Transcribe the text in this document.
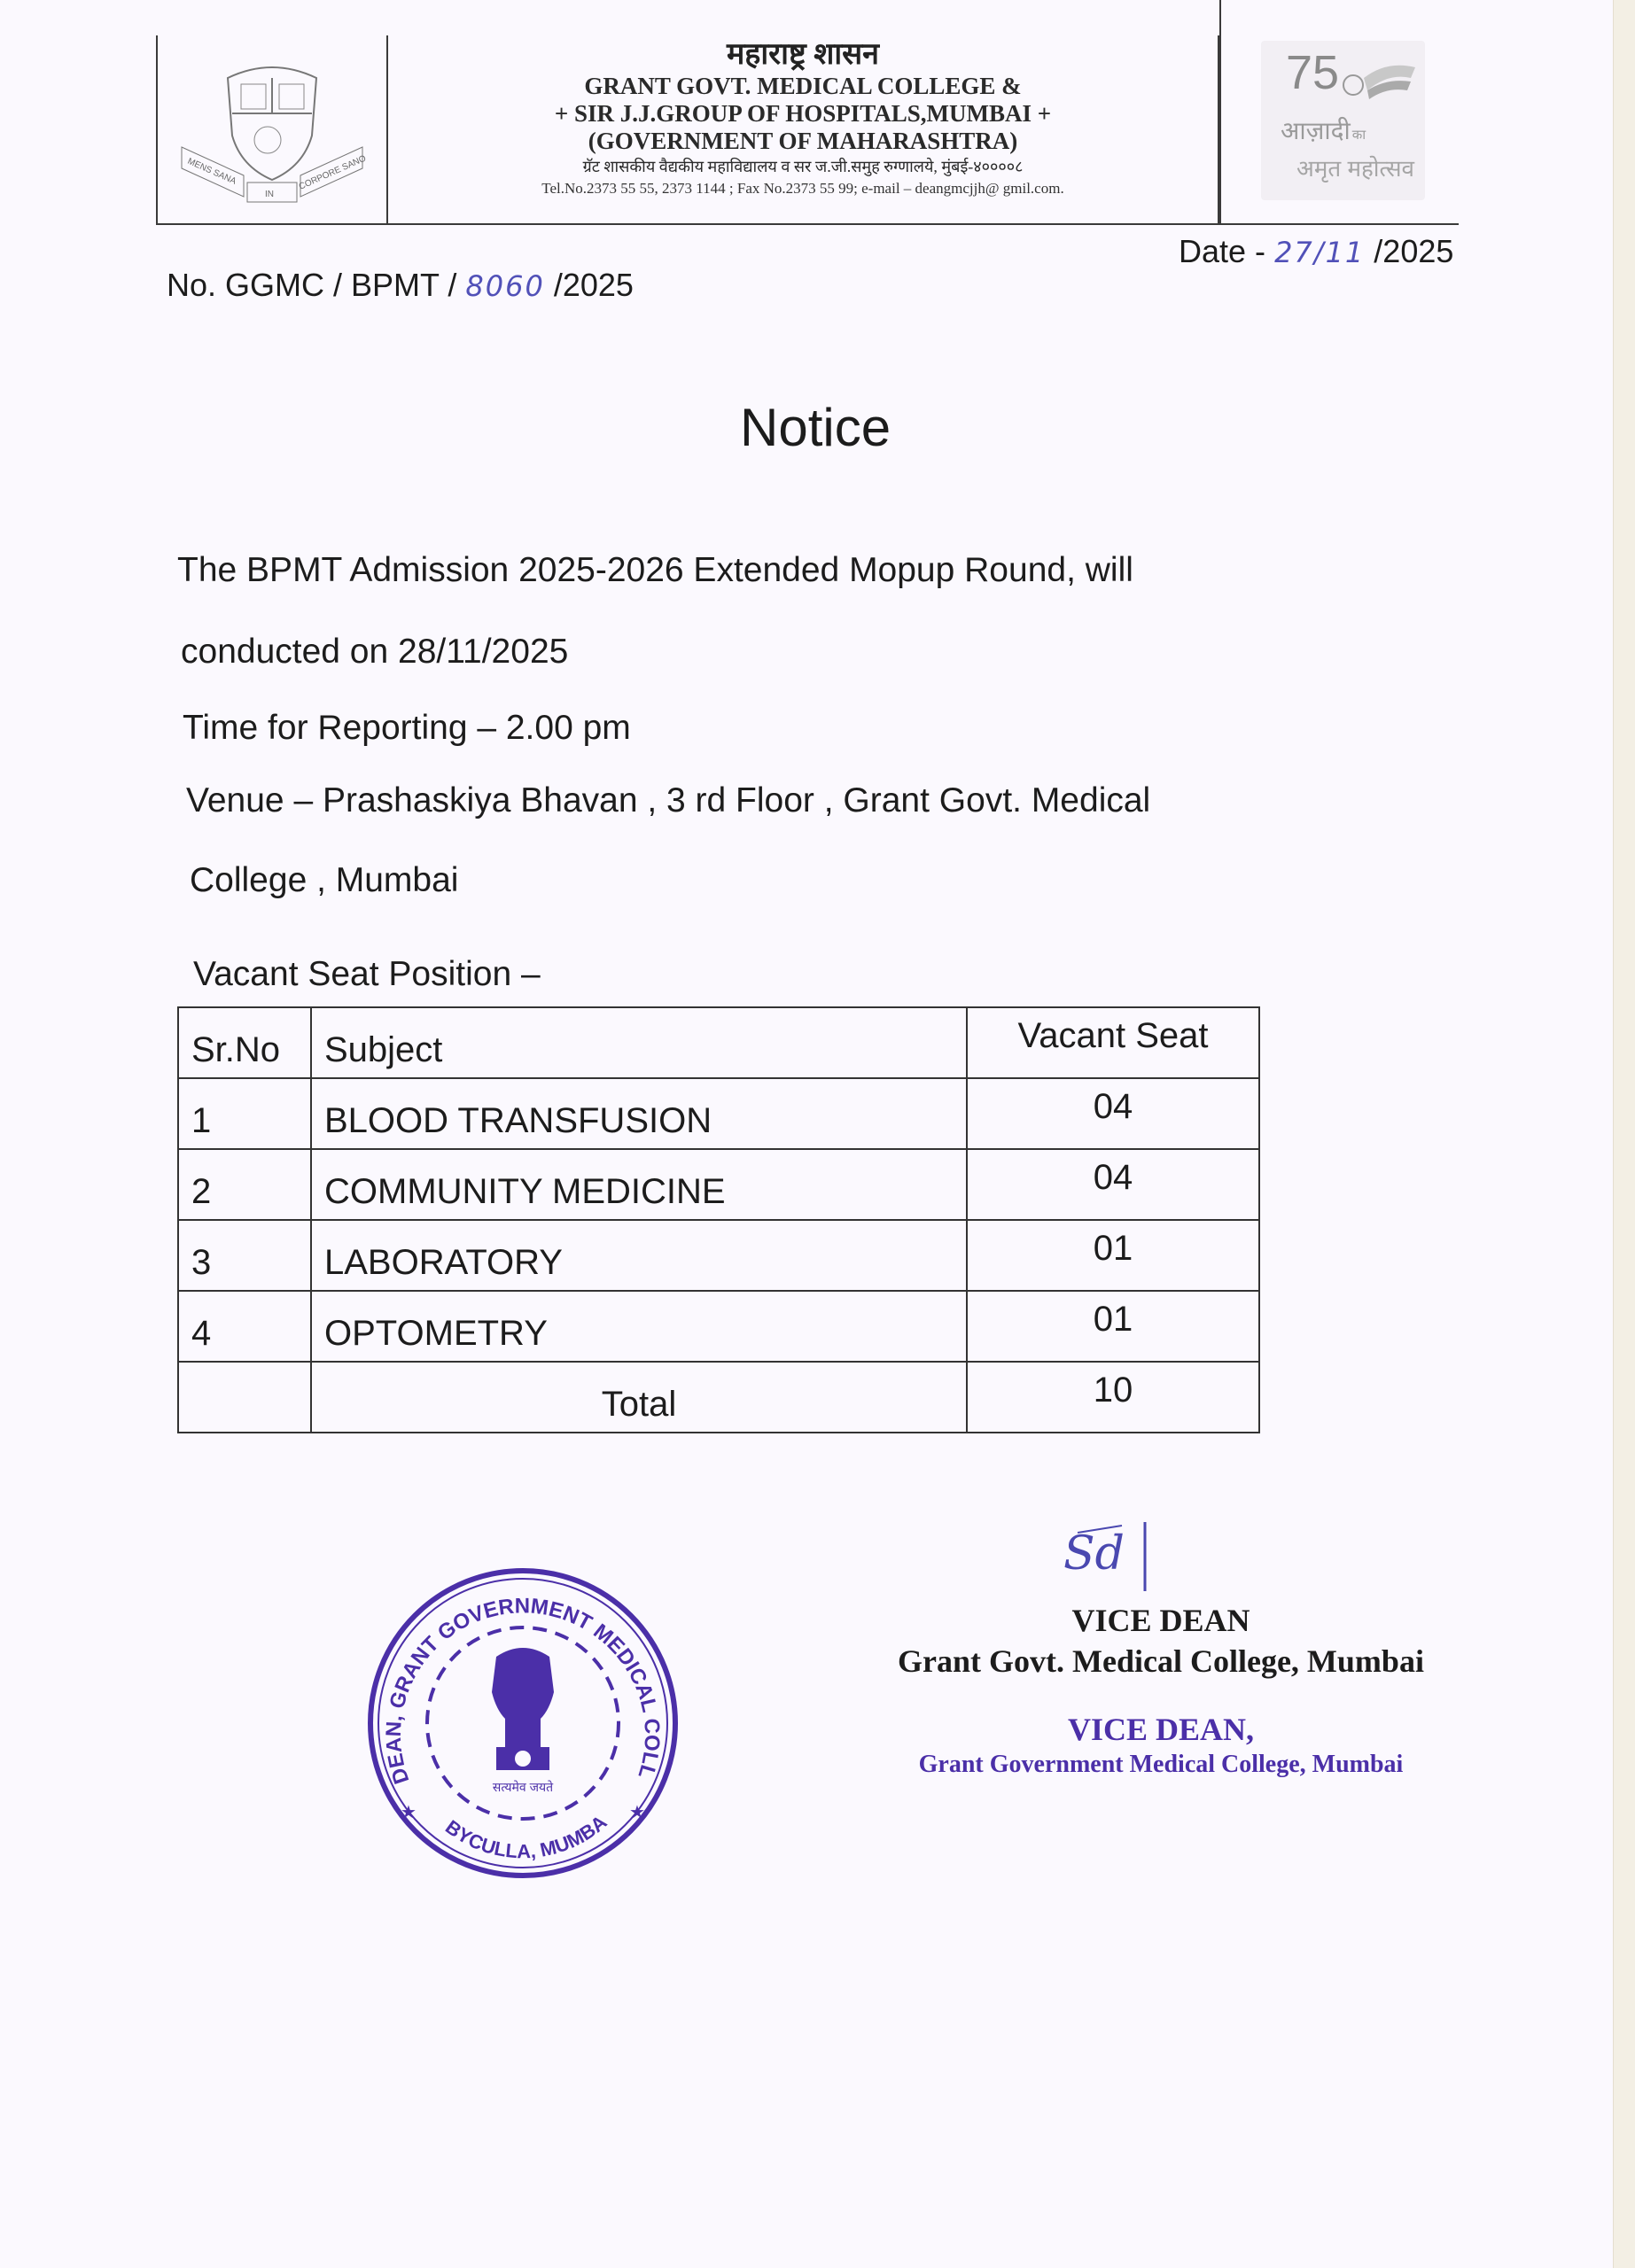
MENS SANA
IN
CORPORE SANO
महाराष्ट्र शासन
GRANT GOVT. MEDICAL COLLEGE &
+ SIR J.J.GROUP OF HOSPITALS,MUMBAI +
(GOVERNMENT OF MAHARASHTRA)
ग्रॅट शासकीय वैद्यकीय महाविद्यालय व सर ज.जी.समुह रुग्णालये, मुंबई-४००००८
Tel.No.2373 55 55, 2373 1144 ; Fax No.2373 55 99; e-mail – deangmcjjh@ gmil.com.
75
आज़ादी का
अमृत महोत्सव
No. GGMC / BPMT / 8060 /2025
Date - 27/11 /2025
Notice
The BPMT Admission 2025-2026 Extended Mopup Round, will
conducted on 28/11/2025
Time for Reporting – 2.00 pm
Venue – Prashaskiya Bhavan , 3 rd Floor , Grant Govt. Medical
College , Mumbai
Vacant Seat Position –
Sr.No	Subject	Vacant Seat
1	BLOOD TRANSFUSION	04
2	COMMUNITY MEDICINE	04
3	LABORATORY	01
4	OPTOMETRY	01
	Total	10
DEAN, GRANT GOVERNMENT MEDICAL COLL
BYCULLA, MUMBA
★	★
सत्यमेव जयते
Sd
VICE DEAN
Grant Govt. Medical College, Mumbai
VICE DEAN,
Grant Government Medical College, Mumbai
